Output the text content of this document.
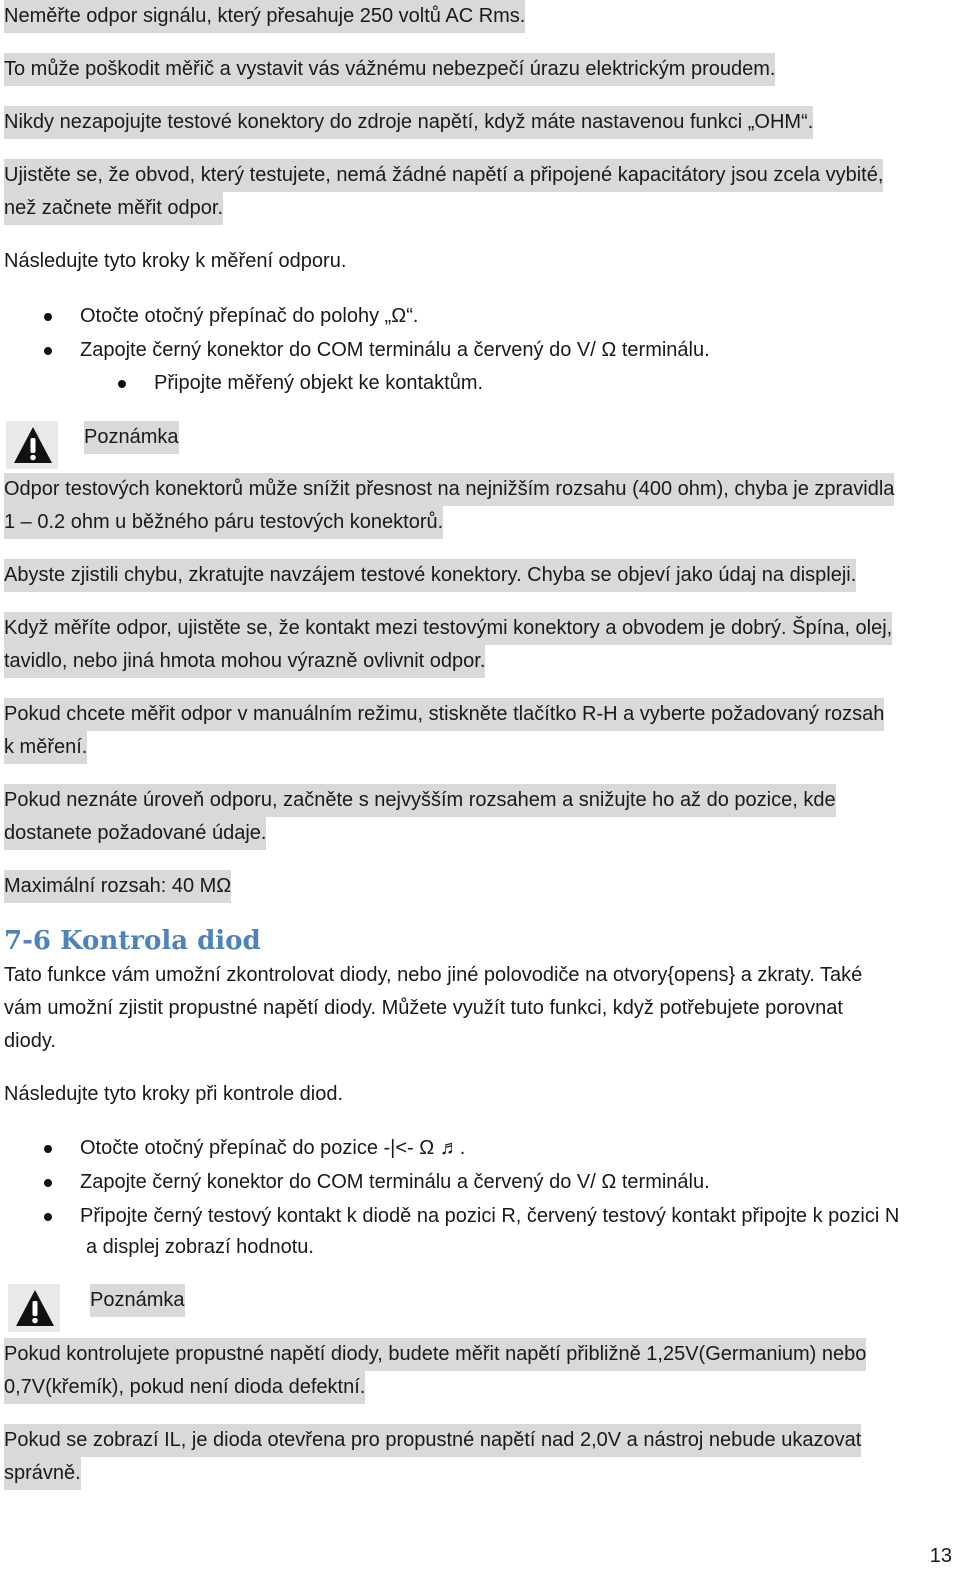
Neměřte odpor signálu, který přesahuje 250 voltů AC Rms.
To může poškodit měřič a vystavit vás vážnému nebezpečí úrazu elektrickým proudem.
Nikdy nezapojujte testové konektory do zdroje napětí, když máte nastavenou funkci „OHM“.
Ujistěte se, že obvod, který testujete, nemá žádné napětí a připojené kapacitátory jsou zcela vybité,
než začnete měřit odpor.
Následujte tyto kroky k měření odporu.
Otočte otočný přepínač do polohy „Ω“.
Zapojte černý konektor do COM terminálu a červený do V/ Ω terminálu.
Připojte měřený objekt ke kontaktům.
Poznámka
Odpor testových konektorů může snížit přesnost na nejnižším rozsahu (400 ohm), chyba je zpravidla
1 – 0.2 ohm u běžného páru testových konektorů.
Abyste zjistili chybu, zkratujte navzájem testové konektory. Chyba se objeví jako údaj na displeji.
Když měříte odpor, ujistěte se, že kontakt mezi testovými konektory a obvodem je dobrý. Špína, olej,
tavidlo, nebo jiná hmota mohou výrazně ovlivnit odpor.
Pokud chcete měřit odpor v manuálním režimu, stiskněte tlačítko R-H a vyberte požadovaný rozsah
k měření.
Pokud neznáte úroveň odporu, začněte s nejvyšším rozsahem a snižujte ho až do pozice, kde
dostanete požadované údaje.
Maximální rozsah: 40 MΩ
7-6 Kontrola diod
Tato funkce vám umožní zkontrolovat diody, nebo jiné polovodiče na otvory{opens} a zkraty. Také
vám umožní zjistit propustné napětí diody. Můžete využít tuto funkci, když potřebujete porovnat
diody.
Následujte tyto kroky při kontrole diod.
Otočte otočný přepínač do pozice -|<- Ω ♬.
Zapojte černý konektor do COM terminálu a červený do V/ Ω terminálu.
Připojte černý testový kontakt k diodě na pozici R, červený testový kontakt připojte k pozici N
a displej zobrazí hodnotu.
Poznámka
Pokud kontrolujete propustné napětí diody, budete měřit napětí přibližně 1,25V(Germanium) nebo
0,7V(křemík), pokud není dioda defektní.
Pokud se zobrazí IL, je dioda otevřena pro propustné napětí nad 2,0V a nástroj nebude ukazovat
správně.
13
